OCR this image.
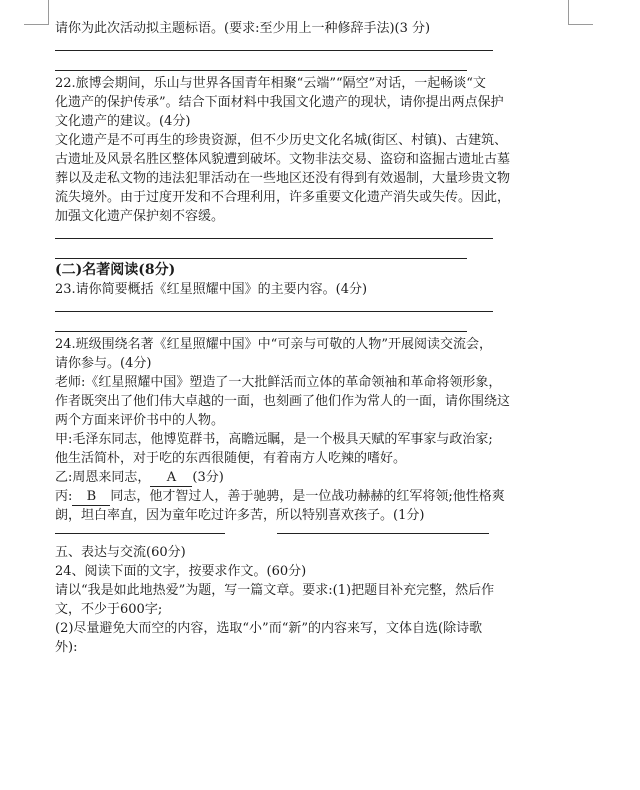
请你为此次活动拟主题标语。(要求:至少用上一种修辞手法)(3 分)
22.旅博会期间，乐山与世界各国青年相聚“云端”“隔空”对话，一起畅谈“文
化遗产的保护传承”。结合下面材料中我国文化遗产的现状，请你提出两点保护
文化遗产的建议。(4分)
文化遗产是不可再生的珍贵资源，但不少历史文化名城(街区、村镇)、古建筑、
古遗址及风景名胜区整体风貌遭到破坏。文物非法交易、盗窃和盗掘古遗址古墓
葬以及走私文物的违法犯罪活动在一些地区还没有得到有效遏制，大量珍贵文物
流失境外。由于过度开发和不合理利用，许多重要文化遗产消失或失传。因此，
加强文化遗产保护刻不容缓。
(二)名著阅读(8分)
23.请你简要概括《红星照耀中国》的主要内容。(4分)
24.班级围绕名著《红星照耀中国》中“可亲与可敬的人物”开展阅读交流会，
请你参与。(4分)
老师:《红星照耀中国》塑造了一大批鲜活而立体的革命领袖和革命将领形象，
作者既突出了他们伟大卓越的一面，也刻画了他们作为常人的一面，请你围绕这
两个方面来评价书中的人物。
甲:毛泽东同志，他博览群书，高瞻远瞩，是一个极具天赋的军事家与政治家;
他生活简朴，对于吃的东西很随便，有着南方人吃辣的嗜好。
乙:周恩来同志， A (3分)
丙: B 同志，他才智过人，善于驰骋，是一位战功赫赫的红军将领;他性格爽
朗，坦白率直，因为童年吃过许多苦，所以特别喜欢孩子。(1分)
五、表达与交流(60分)
24、阅读下面的文字，按要求作文。(60分)
请以“我是如此地热爱”为题，写一篇文章。要求:(1)把题目补充完整，然后作
文，不少于600字;
(2)尽量避免大而空的内容，选取“小”而“新”的内容来写，文体自选(除诗歌
外):
